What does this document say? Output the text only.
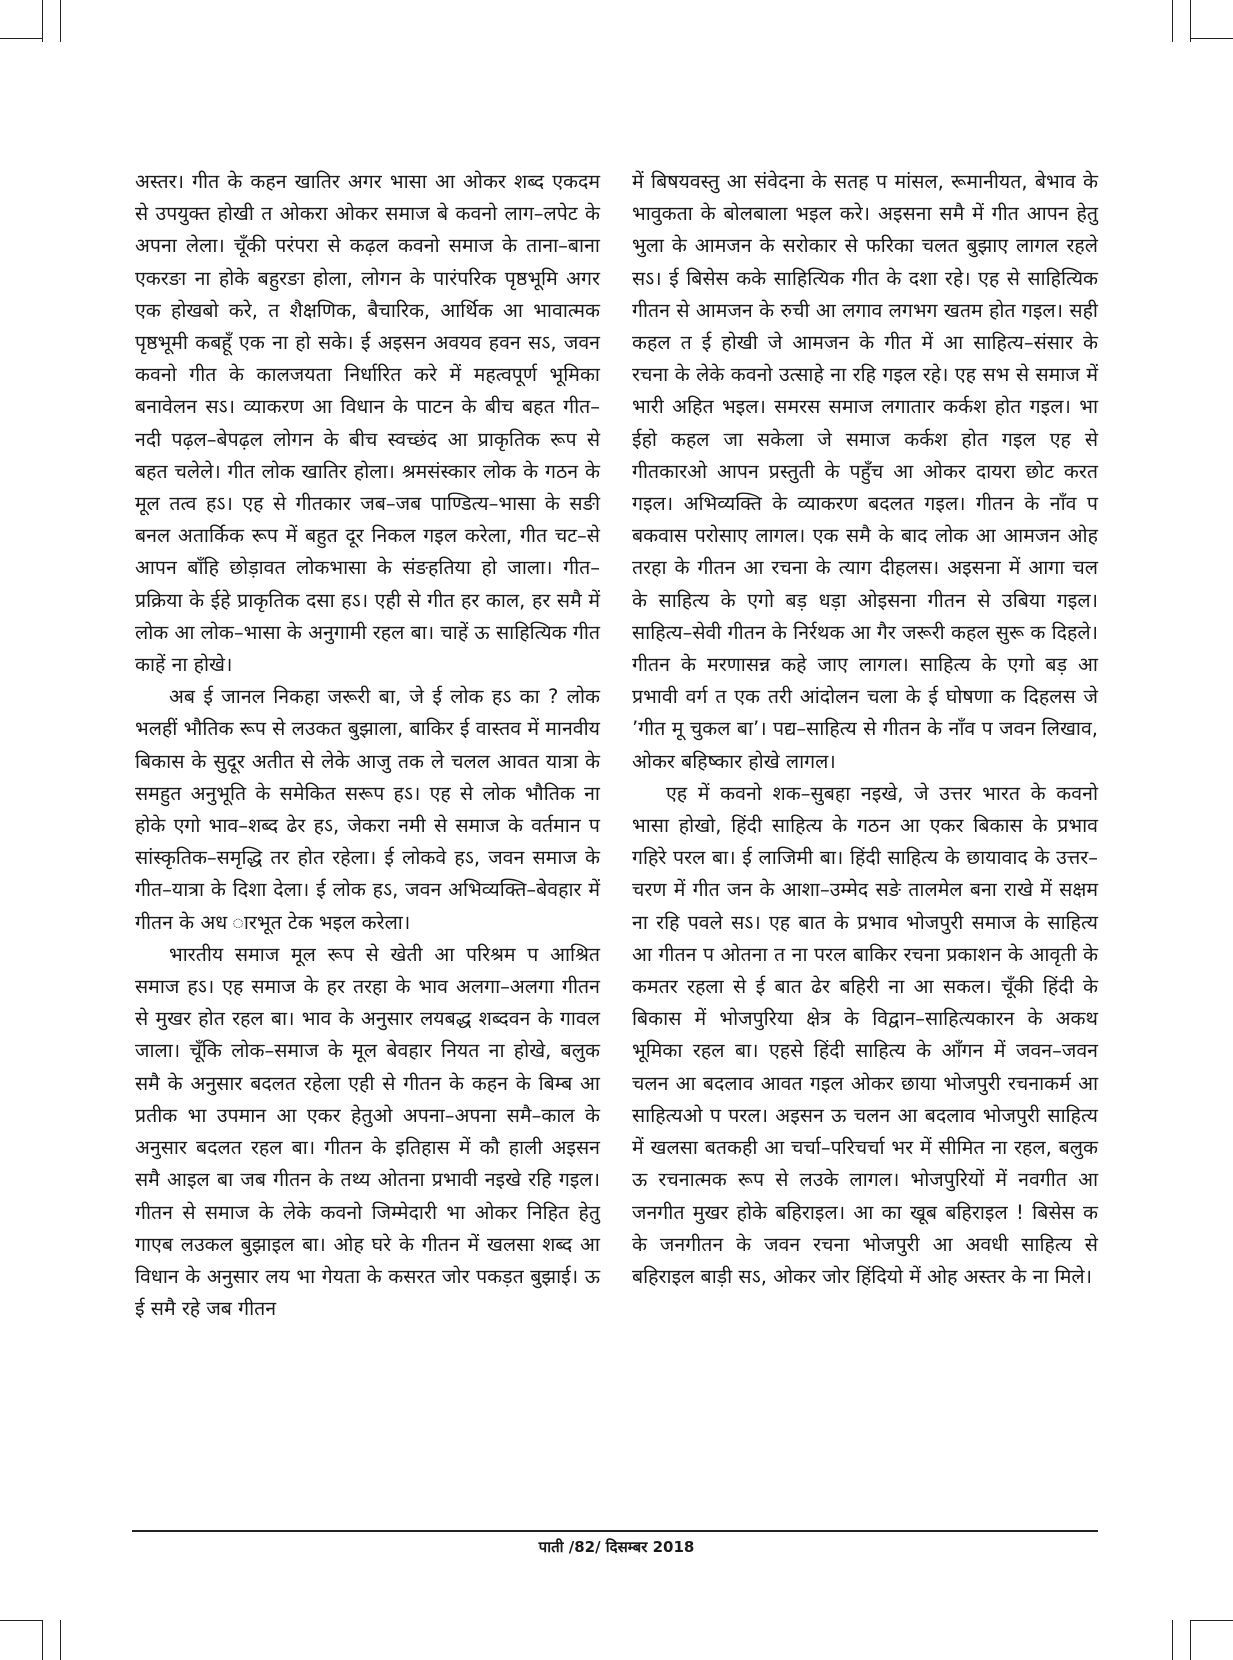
अस्तर। गीत के कहन खातिर अगर भासा आ ओकर शब्द एकदम से उपयुक्त होखी त ओकरा ओकर समाज बे कवनो लाग–लपेट के अपना लेला। चूँकी परंपरा से कढ़ल कवनो समाज के ताना–बाना एकरङा ना होके बहुरङा होला, लोगन के पारंपरिक पृष्ठभूमि अगर एक होखबो करे, त शैक्षणिक, बैचारिक, आर्थिक आ भावात्मक पृष्ठभूमी कबहूँ एक ना हो सके। ई अइसन अवयव हवन सऽ, जवन कवनो गीत के कालजयता निर्धारित करे में महत्वपूर्ण भूमिका बनावेलन सऽ। व्याकरण आ विधान के पाटन के बीच बहत गीत–नदी पढ़ल–बेपढ़ल लोगन के बीच स्वच्छंद आ प्राकृतिक रूप से बहत चलेले। गीत लोक खातिर होला। श्रमसंस्कार लोक के गठन के मूल तत्व हऽ। एह से गीतकार जब–जब पाण्डित्य–भासा के सङी बनल अतार्किक रूप में बहुत दूर निकल गइल करेला, गीत चट–से आपन बाँहि छोड़ावत लोकभासा के संङहतिया हो जाला। गीत–प्रक्रिया के ईहे प्राकृतिक दसा हऽ। एही से गीत हर काल, हर समै में लोक आ लोक–भासा के अनुगामी रहल बा। चाहें ऊ साहित्यिक गीत काहें ना होखे।

अब ई जानल निकहा जरूरी बा, जे ई लोक हऽ का ? लोक भलहीं भौतिक रूप से लउकत बुझाला, बाकिर ई वास्तव में मानवीय बिकास के सुदूर अतीत से लेके आजु तक ले चलल आवत यात्रा के समहुत अनुभूति के समेकित सरूप हऽ। एह से लोक भौतिक ना होके एगो भाव–शब्द ढेर हऽ, जेकरा नमी से समाज के वर्तमान प सांस्कृतिक–समृद्धि तर होत रहेला। ई लोकवे हऽ, जवन समाज के गीत–यात्रा के दिशा देला। ई लोक हऽ, जवन अभिव्यक्ति–बेवहार में गीतन के अध ारभूत टेक भइल करेला।

भारतीय समाज मूल रूप से खेती आ परिश्रम प आश्रित समाज हऽ। एह समाज के हर तरहा के भाव अलगा–अलगा गीतन से मुखर होत रहल बा। भाव के अनुसार लयबद्ध शब्दवन के गावल जाला। चूँकि लोक–समाज के मूल बेवहार नियत ना होखे, बलुक समै के अनुसार बदलत रहेला एही से गीतन के कहन के बिम्ब आ प्रतीक भा उपमान आ एकर हेतुओ अपना–अपना समै–काल के अनुसार बदलत रहल बा। गीतन के इतिहास में कौ हाली अइसन समै आइल बा जब गीतन के तथ्य ओतना प्रभावी नइखे रहि गइल। गीतन से समाज के लेके कवनो जिम्मेदारी भा ओकर निहित हेतु गाएब लउकल बुझाइल बा। ओह घरे के गीतन में खलसा शब्द आ विधान के अनुसार लय भा गेयता के कसरत जोर पकड़त बुझाई। ऊ ई समै रहे जब गीतन

में बिषयवस्तु आ संवेदना के सतह प मांसल, रूमानीयत, बेभाव के भावुकता के बोलबाला भइल करे। अइसना समै में गीत आपन हेतु भुला के आमजन के सरोकार से फरिका चलत बुझाए लागल रहले सऽ। ई बिसेस कके साहित्यिक गीत के दशा रहे। एह से साहित्यिक गीतन से आमजन के रुची आ लगाव लगभग खतम होत गइल। सही कहल त ई होखी जे आमजन के गीत में आ साहित्य–संसार के रचना के लेके कवनो उत्साहे ना रहि गइल रहे। एह सभ से समाज में भारी अहित भइल। समरस समाज लगातार कर्कश होत गइल। भा ईहो कहल जा सकेला जे समाज कर्कश होत गइल एह से गीतकारओ आपन प्रस्तुती के पहुँच आ ओकर दायरा छोट करत गइल। अभिव्यक्ति के व्याकरण बदलत गइल। गीतन के नाँव प बकवास परोसाए लागल। एक समै के बाद लोक आ आमजन ओह तरहा के गीतन आ रचना के त्याग दीहलस। अइसना में आगा चल के साहित्य के एगो बड़ धड़ा ओइसना गीतन से उबिया गइल। साहित्य–सेवी गीतन के निर्रथक आ गैर जरूरी कहल सुरू क दिहले। गीतन के मरणासन्न कहे जाए लागल। साहित्य के एगो बड़ आ प्रभावी वर्ग त एक तरी आंदोलन चला के ई घोषणा क दिहलस जे ’गीत मू चुकल बा’। पद्य–साहित्य से गीतन के नाँव प जवन लिखाव, ओकर बहिष्कार होखे लागल।

एह में कवनो शक–सुबहा नइखे, जे उत्तर भारत के कवनो भासा होखो, हिंदी साहित्य के गठन आ एकर बिकास के प्रभाव गहिरे परल बा। ई लाजिमी बा। हिंदी साहित्य के छायावाद के उत्तर–चरण में गीत जन के आशा–उम्मेद सङे तालमेल बना राखे में सक्षम ना रहि पवले सऽ। एह बात के प्रभाव भोजपुरी समाज के साहित्य आ गीतन प ओतना त ना परल बाकिर रचना प्रकाशन के आवृती के कमतर रहला से ई बात ढेर बहिरी ना आ सकल। चूँकी हिंदी के बिकास में भोजपुरिया क्षेत्र के विद्वान–साहित्यकारन के अकथ भूमिका रहल बा। एहसे हिंदी साहित्य के आँगन में जवन–जवन चलन आ बदलाव आवत गइल ओकर छाया भोजपुरी रचनाकर्म आ साहित्यओ प परल। अइसन ऊ चलन आ बदलाव भोजपुरी साहित्य में खलसा बतकही आ चर्चा–परिचर्चा भर में सीमित ना रहल, बलुक ऊ रचनात्मक रूप से लउके लागल। भोजपुरियों में नवगीत आ जनगीत मुखर होके बहिराइल। आ का खूब बहिराइल ! बिसेस क के जनगीतन के जवन रचना भोजपुरी आ अवधी साहित्य से बहिराइल बाड़ी सऽ, ओकर जोर हिंदियो में ओह अस्तर के ना मिले।

पाती /82/ दिसम्बर 2018
